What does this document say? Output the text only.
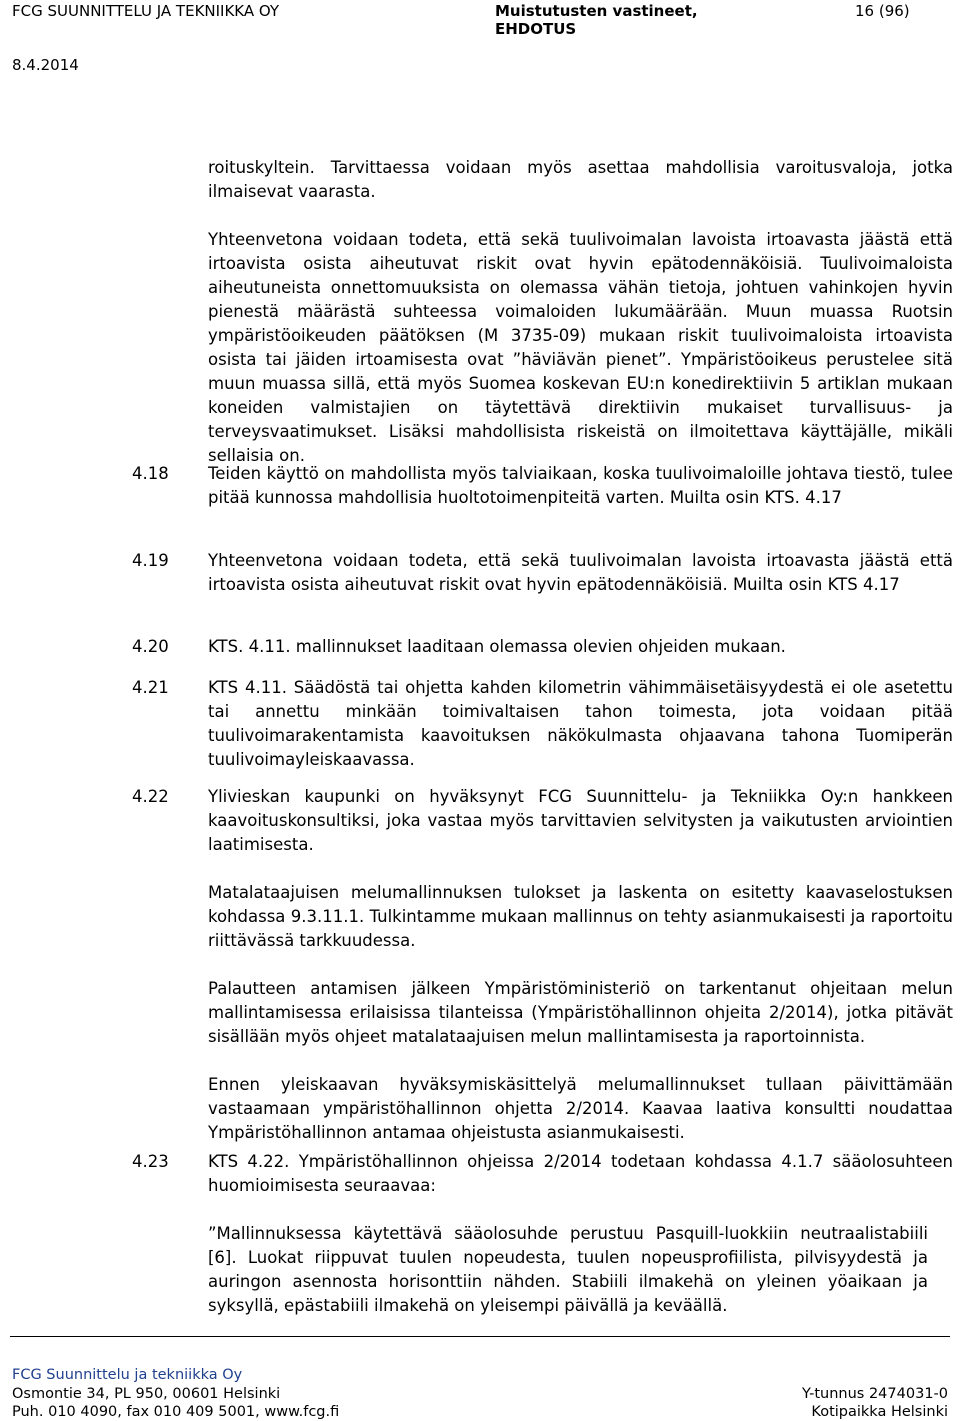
FCG SUUNNITTELU JA TEKNIIKKA OY	Muistutusten vastineet,
EHDOTUS
16 (96)
8.4.2014

roituskyltein. Tarvittaessa voidaan myös asettaa mahdollisia varoitusvaloja, jotka ilmaisevat vaarasta.

Yhteenvetona voidaan todeta, että sekä tuulivoimalan lavoista irtoavasta jäästä että irtoavista osista aiheutuvat riskit ovat hyvin epätodennäköisiä. Tuulivoimaloista aiheutuneista onnettomuuksista on olemassa vähän tietoja, johtuen vahinkojen hyvin pienestä määrästä suhteessa voimaloiden lukumäärään. Muun muassa Ruotsin ympäristöoikeuden päätöksen (M 3735-09) mukaan riskit tuulivoimaloista irtoavista osista tai jäiden irtoamisesta ovat ”häviävän pienet”. Ympäristöoikeus perustelee sitä muun muassa sillä, että myös Suomea koskevan EU:n konedirektiivin 5 artiklan mukaan koneiden valmistajien on täytettävä direktiivin mukaiset turvallisuus- ja terveysvaatimukset. Lisäksi mahdollisista riskeistä on ilmoitettava käyttäjälle, mikäli sellaisia on.

4.18 Teiden käyttö on mahdollista myös talviaikaan, koska tuulivoimaloille johtava tiestö, tulee pitää kunnossa mahdollisia huoltotoimenpiteitä varten. Muilta osin KTS. 4.17

4.19 Yhteenvetona voidaan todeta, että sekä tuulivoimalan lavoista irtoavasta jäästä että irtoavista osista aiheutuvat riskit ovat hyvin epätodennäköisiä. Muilta osin KTS 4.17

4.20 KTS. 4.11. mallinnukset laaditaan olemassa olevien ohjeiden mukaan.

4.21 KTS 4.11. Säädöstä tai ohjetta kahden kilometrin vähimmäisetäisyydestä ei ole asetettu tai annettu minkään toimivaltaisen tahon toimesta, jota voidaan pitää tuulivoimarakentamista kaavoituksen näkökulmasta ohjaavana tahona Tuomiperän tuulivoimayleiskaavassa.

4.22 Ylivieskan kaupunki on hyväksynyt FCG Suunnittelu- ja Tekniikka Oy:n hankkeen kaavoituskonsultiksi, joka vastaa myös tarvittavien selvitysten ja vaikutusten arviointien laatimisesta.

Matalataajuisen melumallinnuksen tulokset ja laskenta on esitetty kaavaselostuksen kohdassa 9.3.11.1. Tulkintamme mukaan mallinnus on tehty asianmukaisesti ja raportoitu riittävässä tarkkuudessa.

Palautteen antamisen jälkeen Ympäristöministeriö on tarkentanut ohjeitaan melun mallintamisessa erilaisissa tilanteissa (Ympäristöhallinnon ohjeita 2/2014), jotka pitävät sisällään myös ohjeet matalataajuisen melun mallintamisesta ja raportoinnista.

Ennen yleiskaavan hyväksymiskäsittelyä melumallinnukset tullaan päivittämään vastaamaan ympäristöhallinnon ohjetta 2/2014. Kaavaa laativa konsultti noudattaa Ympäristöhallinnon antamaa ohjeistusta asianmukaisesti.

4.23 KTS 4.22. Ympäristöhallinnon ohjeissa 2/2014 todetaan kohdassa 4.1.7 sääolosuhteen huomioimisesta seuraavaa:

”Mallinnuksessa käytettävä sääolosuhde perustuu Pasquill-luokkiin neutraalistabiili [6]. Luokat riippuvat tuulen nopeudesta, tuulen nopeusprofiilista, pilvisyydestä ja auringon asennosta horisonttiin nähden. Stabiili ilmakehä on yleinen yöaikaan ja syksyllä, epästabiili ilmakehä on yleisempi päivällä ja keväällä.

FCG Suunnittelu ja tekniikka Oy
Osmontie 34, PL 950, 00601 Helsinki
Puh. 010 4090, fax 010 409 5001, www.fcg.fi
Y-tunnus 2474031-0
Kotipaikka Helsinki
